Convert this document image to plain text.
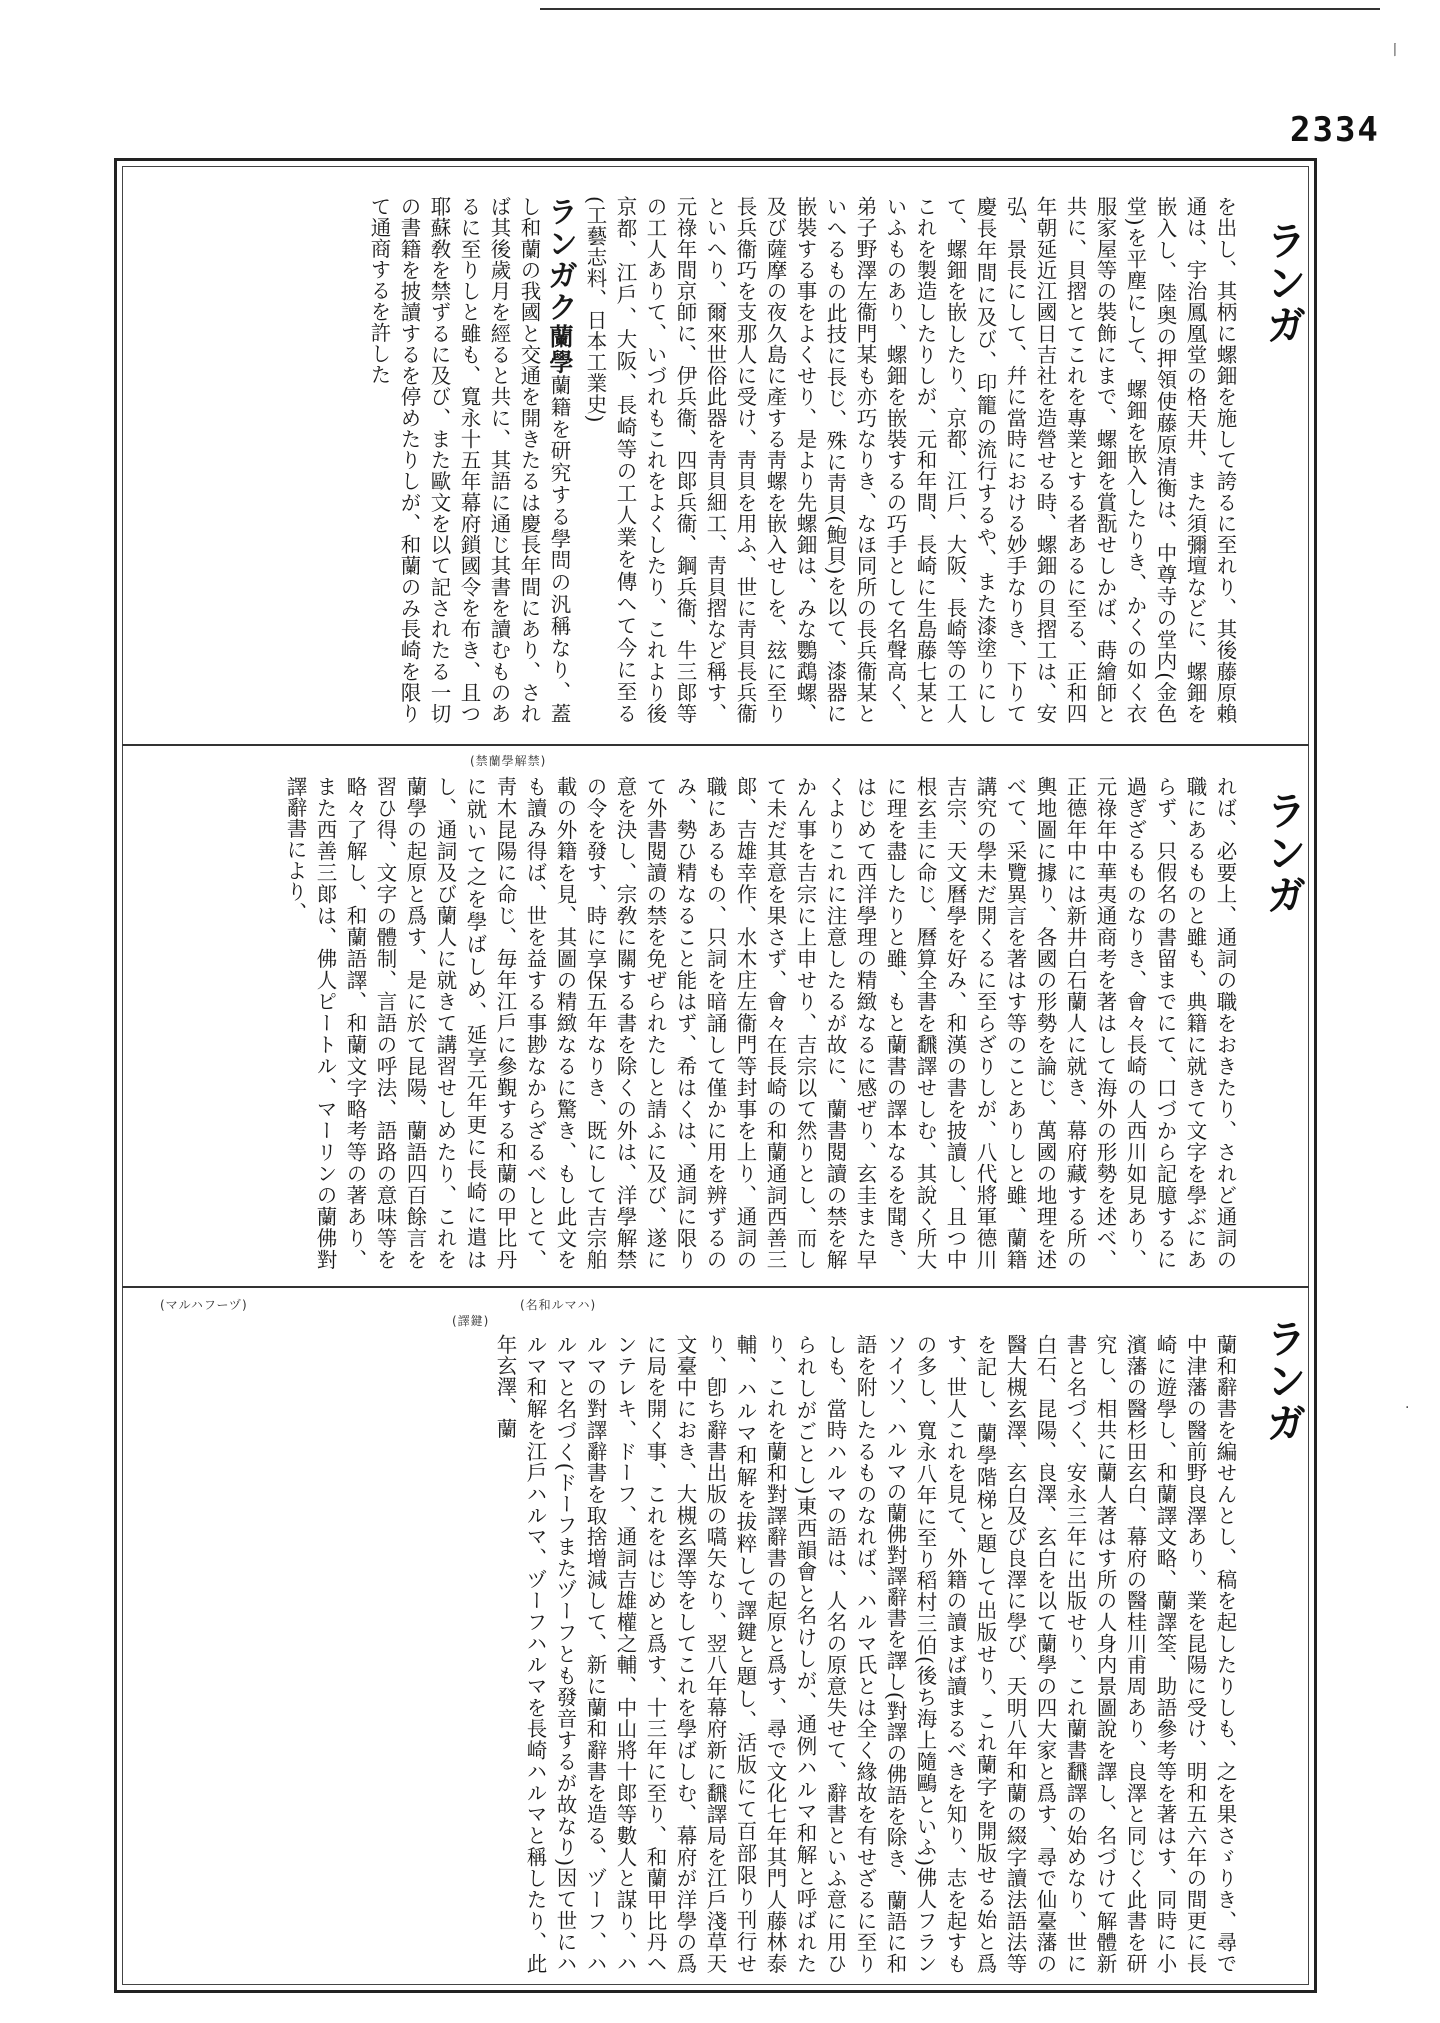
丨
·
2334
ランガ
ランガ
ランガ

を出し、其柄に螺鈿を施して誇るに至れり、其後藤原賴通は、宇治鳳凰堂の格天井、また須彌壇などに、螺鈿を嵌入し、陸奥の押領使藤原清衡は、中尊寺の堂内(金色堂)を平塵にして、螺鈿を嵌入したりき、かくの如く衣服家屋等の裝飾にまで、螺鈿を賞翫せしかば、蒔繪師と共に、貝摺とてこれを專業とする者あるに至る、正和四年朝延近江國日吉社を造營せる時、螺鈿の貝摺工は、安弘、景長にして、幷に當時における妙手なりき、下りて慶長年間に及び、印籠の流行するや、また漆塗りにして、螺鈿を嵌したり、京都、江戶、大阪、長崎等の工人これを製造したりしが、元和年間、長崎に生島藤七某といふものあり、螺鈿を嵌裝するの巧手として名聲高く、弟子野澤左衞門某も亦巧なりき、なほ同所の長兵衞某といへるもの此技に長じ、殊に靑貝(鮑貝)を以て、漆器に嵌裝する事をよくせり、是より先螺鈿は、みな鸚鵡螺、及び薩摩の夜久島に產する靑螺を嵌入せしを、玆に至り長兵衞巧を支那人に受け、靑貝を用ふ、世に靑貝長兵衞といへり、爾來世俗此器を靑貝細工、靑貝摺など稱す、元祿年間京師に、伊兵衞、四郞兵衞、鋼兵衞、牛三郞等の工人ありて、いづれもこれをよくしたり、これより後京都、江戶、大阪、長崎等の工人業を傳へて今に至る(工藝志料、日本工業史)

ランガク蘭學蘭籍を研究する學問の汎稱なり、蓋し和蘭の我國と交通を開きたるは慶長年間にあり、されば其後歲月を經ると共に、其語に通じ其書を讀むものあるに至りしと雖も、寬永十五年幕府鎖國令を布き、且つ耶蘇敎を禁ずるに及び、また歐文を以て記されたる一切の書籍を披讀するを停めたりしが、和蘭のみ長崎を限りて通商するを許した

(禁蘭學解禁)

れば、必要上、通詞の職をおきたり、されど通詞の職にあるものと雖も、典籍に就きて文字を學ぶにあらず、只假名の書留までにて、口づから記臆するに過ぎざるものなりき、會々長崎の人西川如見あり、元祿年中華夷通商考を著はして海外の形勢を述べ、正德年中には新井白石蘭人に就き、幕府藏する所の輿地圖に據り、各國の形勢を論じ、萬國の地理を述べて、采覽異言を著はす等のことありしと雖、蘭籍講究の學未だ開くるに至らざりしが、八代將軍德川吉宗、天文曆學を好み、和漢の書を披讀し、且つ中根玄圭に命じ、曆算全書を飜譯せしむ、其說く所大に理を盡したりと雖、もと蘭書の譯本なるを聞き、はじめて西洋學理の精緻なるに感ぜり、玄圭また早くよりこれに注意したるが故に、蘭書閱讀の禁を解かん事を吉宗に上申せり、吉宗以て然りとし、而して未だ其意を果さず、會々在長崎の和蘭通詞西善三郞、吉雄幸作、水木庄左衞門等封事を上り、通詞の職にあるもの、只詞を暗誦して僅かに用を辨ずるのみ、勢ひ精なること能はず、希はくは、通詞に限りて外書閱讀の禁を免ぜられたしと請ふに及び、遂に意を決し、宗敎に關する書を除くの外は、洋學解禁の令を發す、時に享保五年なりき、既にして吉宗舶載の外籍を見、其圖の精緻なるに驚き、もし此文をも讀み得ば、世を益する事尠なからざるべしとて、靑木昆陽に命じ、毎年江戶に參覲する和蘭の甲比丹に就いて之を學ばしめ、延享元年更に長崎に遣はし、通詞及び蘭人に就きて講習せしめたり、これを蘭學の起原と爲す、是に於て昆陽、蘭語四百餘言を習ひ得、文字の體制、言語の呼法、語路の意味等を略々了解し、和蘭語譯、和蘭文字略考等の著あり、また西善三郞は、佛人ピートル、マーリンの蘭佛對譯辭書により、

(マルハフーヅ)	(名和ルマハ)
(譯鍵)

蘭和辭書を編せんとし、稿を起したりしも、之を果さゞりき、尋で中津藩の醫前野良澤あり、業を昆陽に受け、明和五六年の間更に長崎に遊學し、和蘭譯文略、蘭譯筌、助語參考等を著はす、同時に小濱藩の醫杉田玄白、幕府の醫桂川甫周あり、良澤と同じく此書を研究し、相共に蘭人著はす所の人身内景圖說を譯し、名づけて解體新書と名づく、安永三年に出版せり、これ蘭書飜譯の始めなり、世に白石、昆陽、良澤、玄白を以て蘭學の四大家と爲す、尋で仙臺藩の醫大槻玄澤、玄白及び良澤に學び、天明八年和蘭の綴字讀法語法等を記し、蘭學階梯と題して出版せり、これ蘭字を開版せる始と爲す、世人これを見て、外籍の讀まば讀まるべきを知り、志を起すもの多し、寬永八年に至り稻村三伯(後ち海上隨鷗といふ)佛人フランソイソ、ハルマの蘭佛對譯辭書を譯し(對譯の佛語を除き、蘭語に和語を附したるものなれば、ハルマ氏とは全く緣故を有せざるに至りしも、當時ハルマの語は、人名の原意失せて、辭書といふ意に用ひられしがごとし)東西韻會と名けしが、通例ハルマ和解と呼ばれたり、これを蘭和對譯辭書の起原と爲す、尋で文化七年其門人藤林泰輔、ハルマ和解を拔粹して譯鍵と題し、活版にて百部限り刊行せり、卽ち辭書出版の嚆矢なり、翌八年幕府新に飜譯局を江戶淺草天文臺中におき、大槻玄澤等をしてこれを學ばしむ、幕府が洋學の爲に局を開く事、これをはじめと爲す、十三年に至り、和蘭甲比丹ヘンテレキ、ドーフ、通詞吉雄權之輔、中山將十郞等數人と謀り、ハルマの對譯辭書を取捨增減して、新に蘭和辭書を造る、ヅーフ、ハルマと名づく(ドーフまたヅーフとも發音するが故なり)因て世にハルマ和解を江戶ハルマ、ヅーフハルマを長崎ハルマと稱したり、此年玄澤、蘭
